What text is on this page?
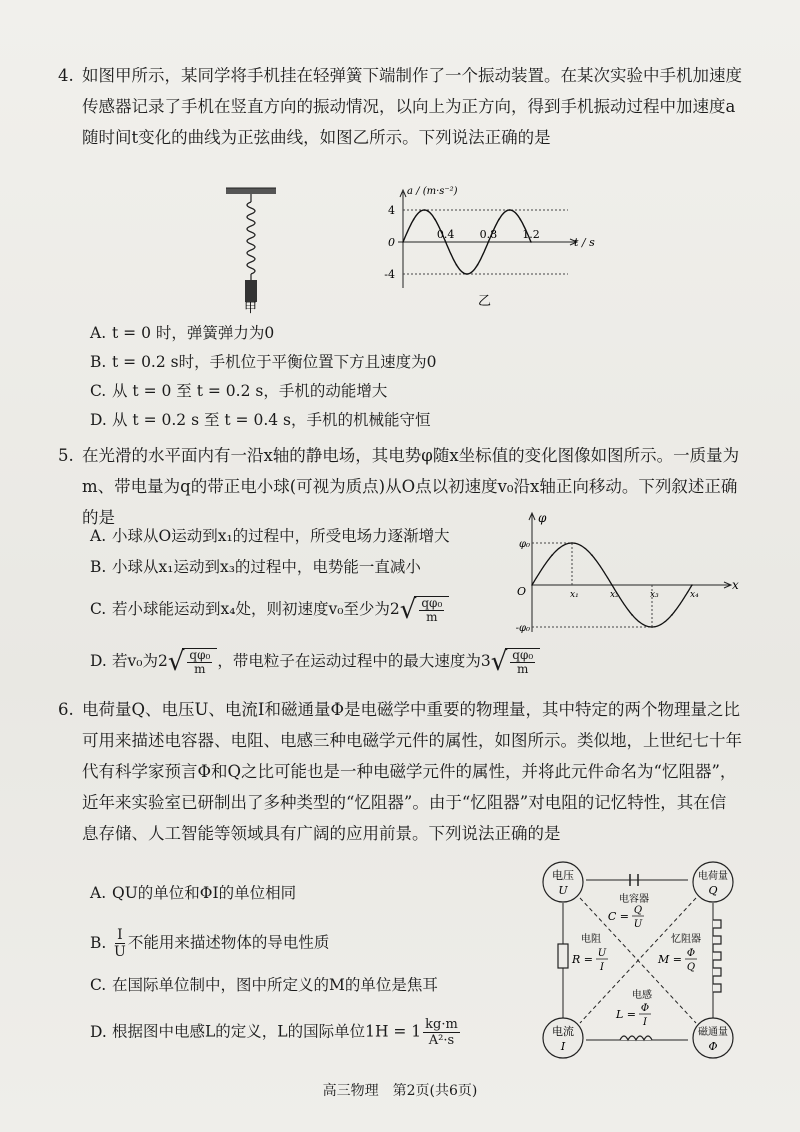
4. 如图甲所示，某同学将手机挂在轻弹簧下端制作了一个振动装置。在某次实验中手机加速度传感器记录了手机在竖直方向的振动情况，以向上为正方向，得到手机振动过程中加速度a随时间t变化的曲线为正弦曲线，如图乙所示。下列说法正确的是
甲	乙
a / (m·s⁻²)
4
0
-4
0.4 0.8 1.2
t / s
A. t = 0 时，弹簧弹力为0
B. t = 0.2 s时，手机位于平衡位置下方且速度为0
C. 从 t = 0 至 t = 0.2 s，手机的动能增大
D. 从 t = 0.2 s 至 t = 0.4 s，手机的机械能守恒
5. 在光滑的水平面内有一沿x轴的静电场，其电势φ随x坐标值的变化图像如图所示。一质量为m、带电量为q的带正电小球(可视为质点)从O点以初速度v₀沿x轴正向移动。下列叙述正确的是
A. 小球从O运动到x₁的过程中，所受电场力逐渐增大
B. 小球从x₁运动到x₃的过程中，电势能一直减小
C. 若小球能运动到x₄处，则初速度v₀至少为2 √ $\frac{\text{qφ₀}}{m}$
D. 若v₀为2 √ $\frac{\text{qφ₀}}{m}$ ，带电粒子在运动过程中的最大速度为3 √ $\frac{\text{qφ₀}}{m}$
φ
x
O
φ₀
-φ₀
x₁	x₂	x₃	x₄
6. 电荷量Q、电压U、电流I和磁通量Φ是电磁学中重要的物理量，其中特定的两个物理量之比可用来描述电容器、电阻、电感三种电磁学元件的属性，如图所示。类似地，上世纪七十年代有科学家预言Φ和Q之比可能也是一种电磁学元件的属性，并将此元件命名为“忆阻器”，近年来实验室已研制出了多种类型的“忆阻器”。由于“忆阻器”对电阻的记忆特性，其在信息存储、人工智能等领域具有广阔的应用前景。下列说法正确的是
A. QU的单位和ΦI的单位相同
B. $\frac{I}{U}$ 不能用来描述物体的导电性质
C. 在国际单位制中，图中所定义的M的单位是焦耳
D. 根据图中电感L的定义，L的国际单位$1H = 1 \frac{kg\cdot m}{\text{A²·s}}$
电压
U
电荷量
Q
电流
I
磁通量
Φ
电容器
C = Q
U
电阻
R = U
I
忆阻器
M = Φ
Q
电感
L = Φ
I
高三物理　第2页(共6页)
